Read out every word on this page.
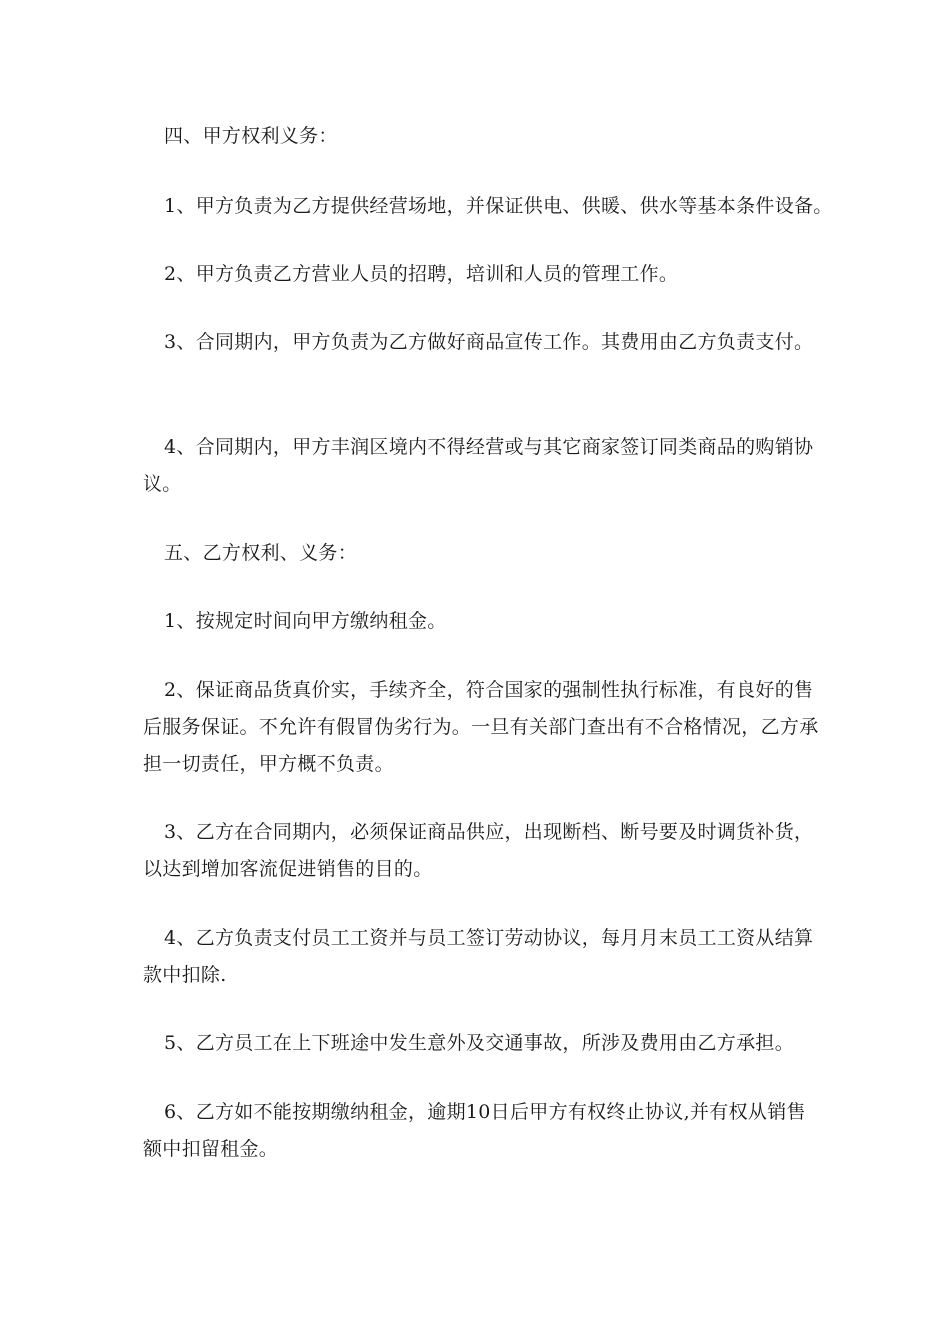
四、甲方权利义务：

1、甲方负责为乙方提供经营场地，并保证供电、供暖、供水等基本条件设备。

2、甲方负责乙方营业人员的招聘，培训和人员的管理工作。

3、合同期内，甲方负责为乙方做好商品宣传工作。其费用由乙方负责支付。

4、合同期内，甲方丰润区境内不得经营或与其它商家签订同类商品的购销协议。

五、乙方权利、义务：

1、按规定时间向甲方缴纳租金。

2、保证商品货真价实，手续齐全，符合国家的强制性执行标准，有良好的售后服务保证。不允许有假冒伪劣行为。一旦有关部门查出有不合格情况，乙方承担一切责任，甲方概不负责。

3、乙方在合同期内，必须保证商品供应，出现断档、断号要及时调货补货，以达到增加客流促进销售的目的。

4、乙方负责支付员工工资并与员工签订劳动协议，每月月末员工工资从结算款中扣除.

5、乙方员工在上下班途中发生意外及交通事故，所涉及费用由乙方承担。

6、乙方如不能按期缴纳租金，逾期10日后甲方有权终止协议,并有权从销售额中扣留租金。
